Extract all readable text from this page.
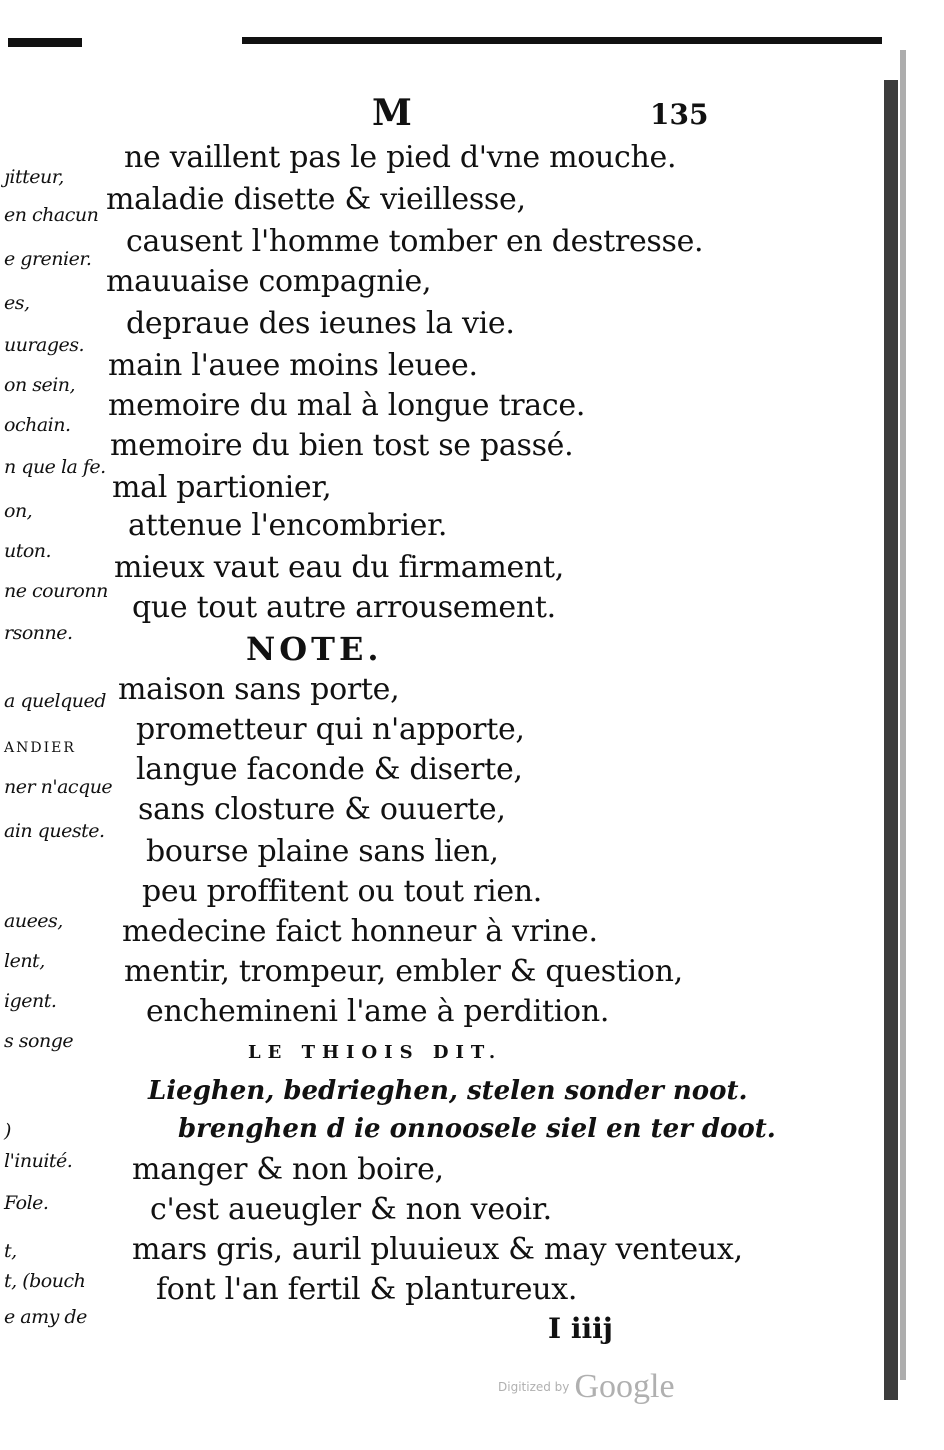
M	135
ȷitteur,
en chacun
e grenier.
es,
uurages.
on sein,
ochain.
n que la fe.
on,
uton.
ne couronn
rsonne.
a quelqued
ANDIER
ner n'acque
ain queste.
auees,
lent,
igent.
s songe
)
l'inuité.
Fole.
t,
t, (bouch
e amy de
ne vaillent pas le pied d'vne mouche.
maladie disette & vieillesse,
causent l'homme tomber en destresse.
mauuaise compagnie,
depraue des ieunes la vie.
main l'auee moins leuee.
memoire du mal à longue trace.
memoire du bien tost se passé.
mal partionier,
attenue l'encombrier.
mieux vaut eau du firmament,
que tout autre arrousement.
NOTE.
maison sans porte,
prometteur qui n'apporte,
langue faconde & diserte,
sans closture & ouuerte,
bourse plaine sans lien,
peu proffitent ou tout rien.
medecine faict honneur à vrine.
mentir, trompeur, embler & question,
enchemineni l'ame à perdition.
LE THIOIS DIT.
Lieghen, bedrieghen, stelen sonder noot.
brenghen d ie onnoosele siel en ter doot.
manger & non boire,
c'est aueugler & non veoir.
mars gris, auril pluuieux & may venteux,
font l'an fertil & plantureux.
I iiij
Digitized by Google
